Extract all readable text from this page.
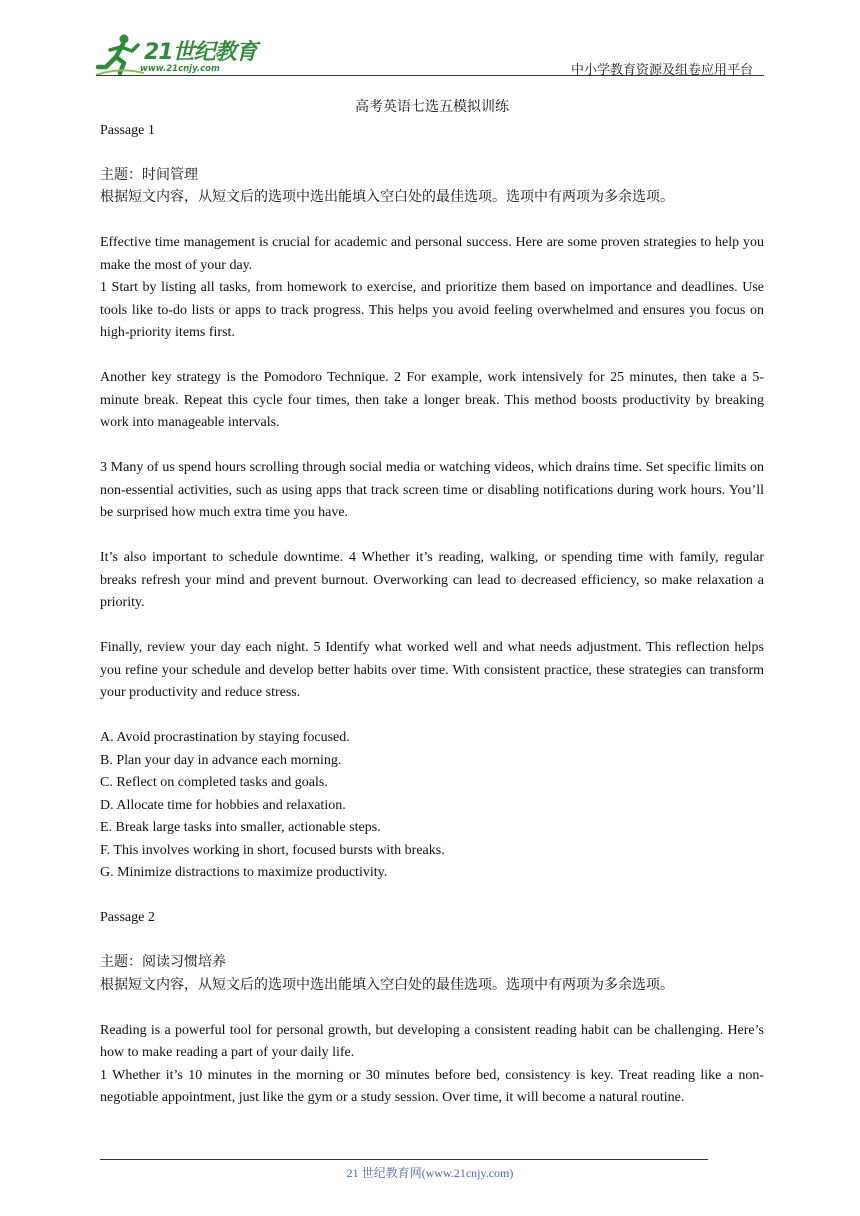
21世纪教育
www.21cnjy.com	中小学教育资源及组卷应用平台

高考英语七选五模拟训练

Passage 1

主题：时间管理

根据短文内容，从短文后的选项中选出能填入空白处的最佳选项。选项中有两项为多余选项。

Effective time management is crucial for academic and personal success. Here are some proven strategies to help you make the most of your day.

1 Start by listing all tasks, from homework to exercise, and prioritize them based on importance and deadlines. Use tools like to-do lists or apps to track progress. This helps you avoid feeling overwhelmed and ensures you focus on high-priority items first.

Another key strategy is the Pomodoro Technique. 2 For example, work intensively for 25 minutes, then take a 5-minute break. Repeat this cycle four times, then take a longer break. This method boosts productivity by breaking work into manageable intervals.

3 Many of us spend hours scrolling through social media or watching videos, which drains time. Set specific limits on non-essential activities, such as using apps that track screen time or disabling notifications during work hours. You’ll be surprised how much extra time you have.

It’s also important to schedule downtime. 4 Whether it’s reading, walking, or spending time with family, regular breaks refresh your mind and prevent burnout. Overworking can lead to decreased efficiency, so make relaxation a priority.

Finally, review your day each night. 5 Identify what worked well and what needs adjustment. This reflection helps you refine your schedule and develop better habits over time. With consistent practice, these strategies can transform your productivity and reduce stress.

A. Avoid procrastination by staying focused.

B. Plan your day in advance each morning.

C. Reflect on completed tasks and goals.

D. Allocate time for hobbies and relaxation.

E. Break large tasks into smaller, actionable steps.

F. This involves working in short, focused bursts with breaks.

G. Minimize distractions to maximize productivity.

Passage 2

主题：阅读习惯培养

根据短文内容，从短文后的选项中选出能填入空白处的最佳选项。选项中有两项为多余选项。

Reading is a powerful tool for personal growth, but developing a consistent reading habit can be challenging. Here’s how to make reading a part of your daily life.

1 Whether it’s 10 minutes in the morning or 30 minutes before bed, consistency is key. Treat reading like a non-negotiable appointment, just like the gym or a study session. Over time, it will become a natural routine.

21 世纪教育网(www.21cnjy.com)
